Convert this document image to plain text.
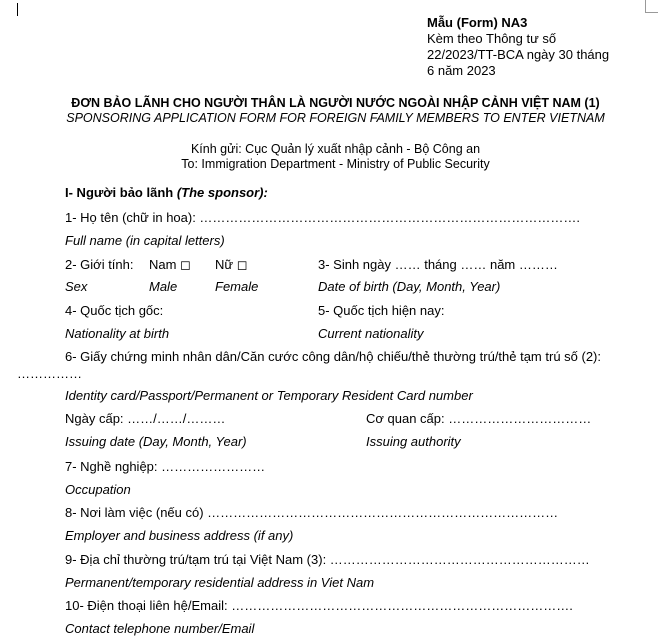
Mẫu (Form) NA3
Kèm theo Thông tư số
22/2023/TT-BCA ngày 30 tháng
6 năm 2023
ĐƠN BẢO LÃNH CHO NGƯỜI THÂN LÀ NGƯỜI NƯỚC NGOÀI NHẬP CẢNH VIỆT NAM (1)
SPONSORING APPLICATION FORM FOR FOREIGN FAMILY MEMBERS TO ENTER VIETNAM
Kính gửi: Cục Quản lý xuất nhập cảnh - Bộ Công an
To: Immigration Department - Ministry of Public Security
I- Người bảo lãnh (The sponsor):
1- Họ tên (chữ in hoa): …………………………………………………………………………….
Full name (in capital letters)
2- Giới tính: Nam ◻ Nữ ◻	3- Sinh ngày …… tháng …… năm ………
Sex	Male	Female	Date of birth (Day, Month, Year)
4- Quốc tịch gốc:	5- Quốc tịch hiện nay:
Nationality at birth	Current nationality
6- Giấy chứng minh nhân dân/Căn cước công dân/hộ chiếu/thẻ thường trú/thẻ tạm trú số (2):
……………
Identity card/Passport/Permanent or Temporary Resident Card number
Ngày cấp: ……/……/………	Cơ quan cấp: ……………………………
Issuing date (Day, Month, Year)	Issuing authority
7- Nghề nghiệp: ……………………
Occupation
8- Nơi làm việc (nếu có) ………………………………………………………………………
Employer and business address (if any)
9- Địa chỉ thường trú/tạm trú tại Việt Nam (3): ……………………………………………………
Permanent/temporary residential address in Viet Nam
10- Điện thoại liên hệ/Email: …………………………………………………………………….
Contact telephone number/Email
